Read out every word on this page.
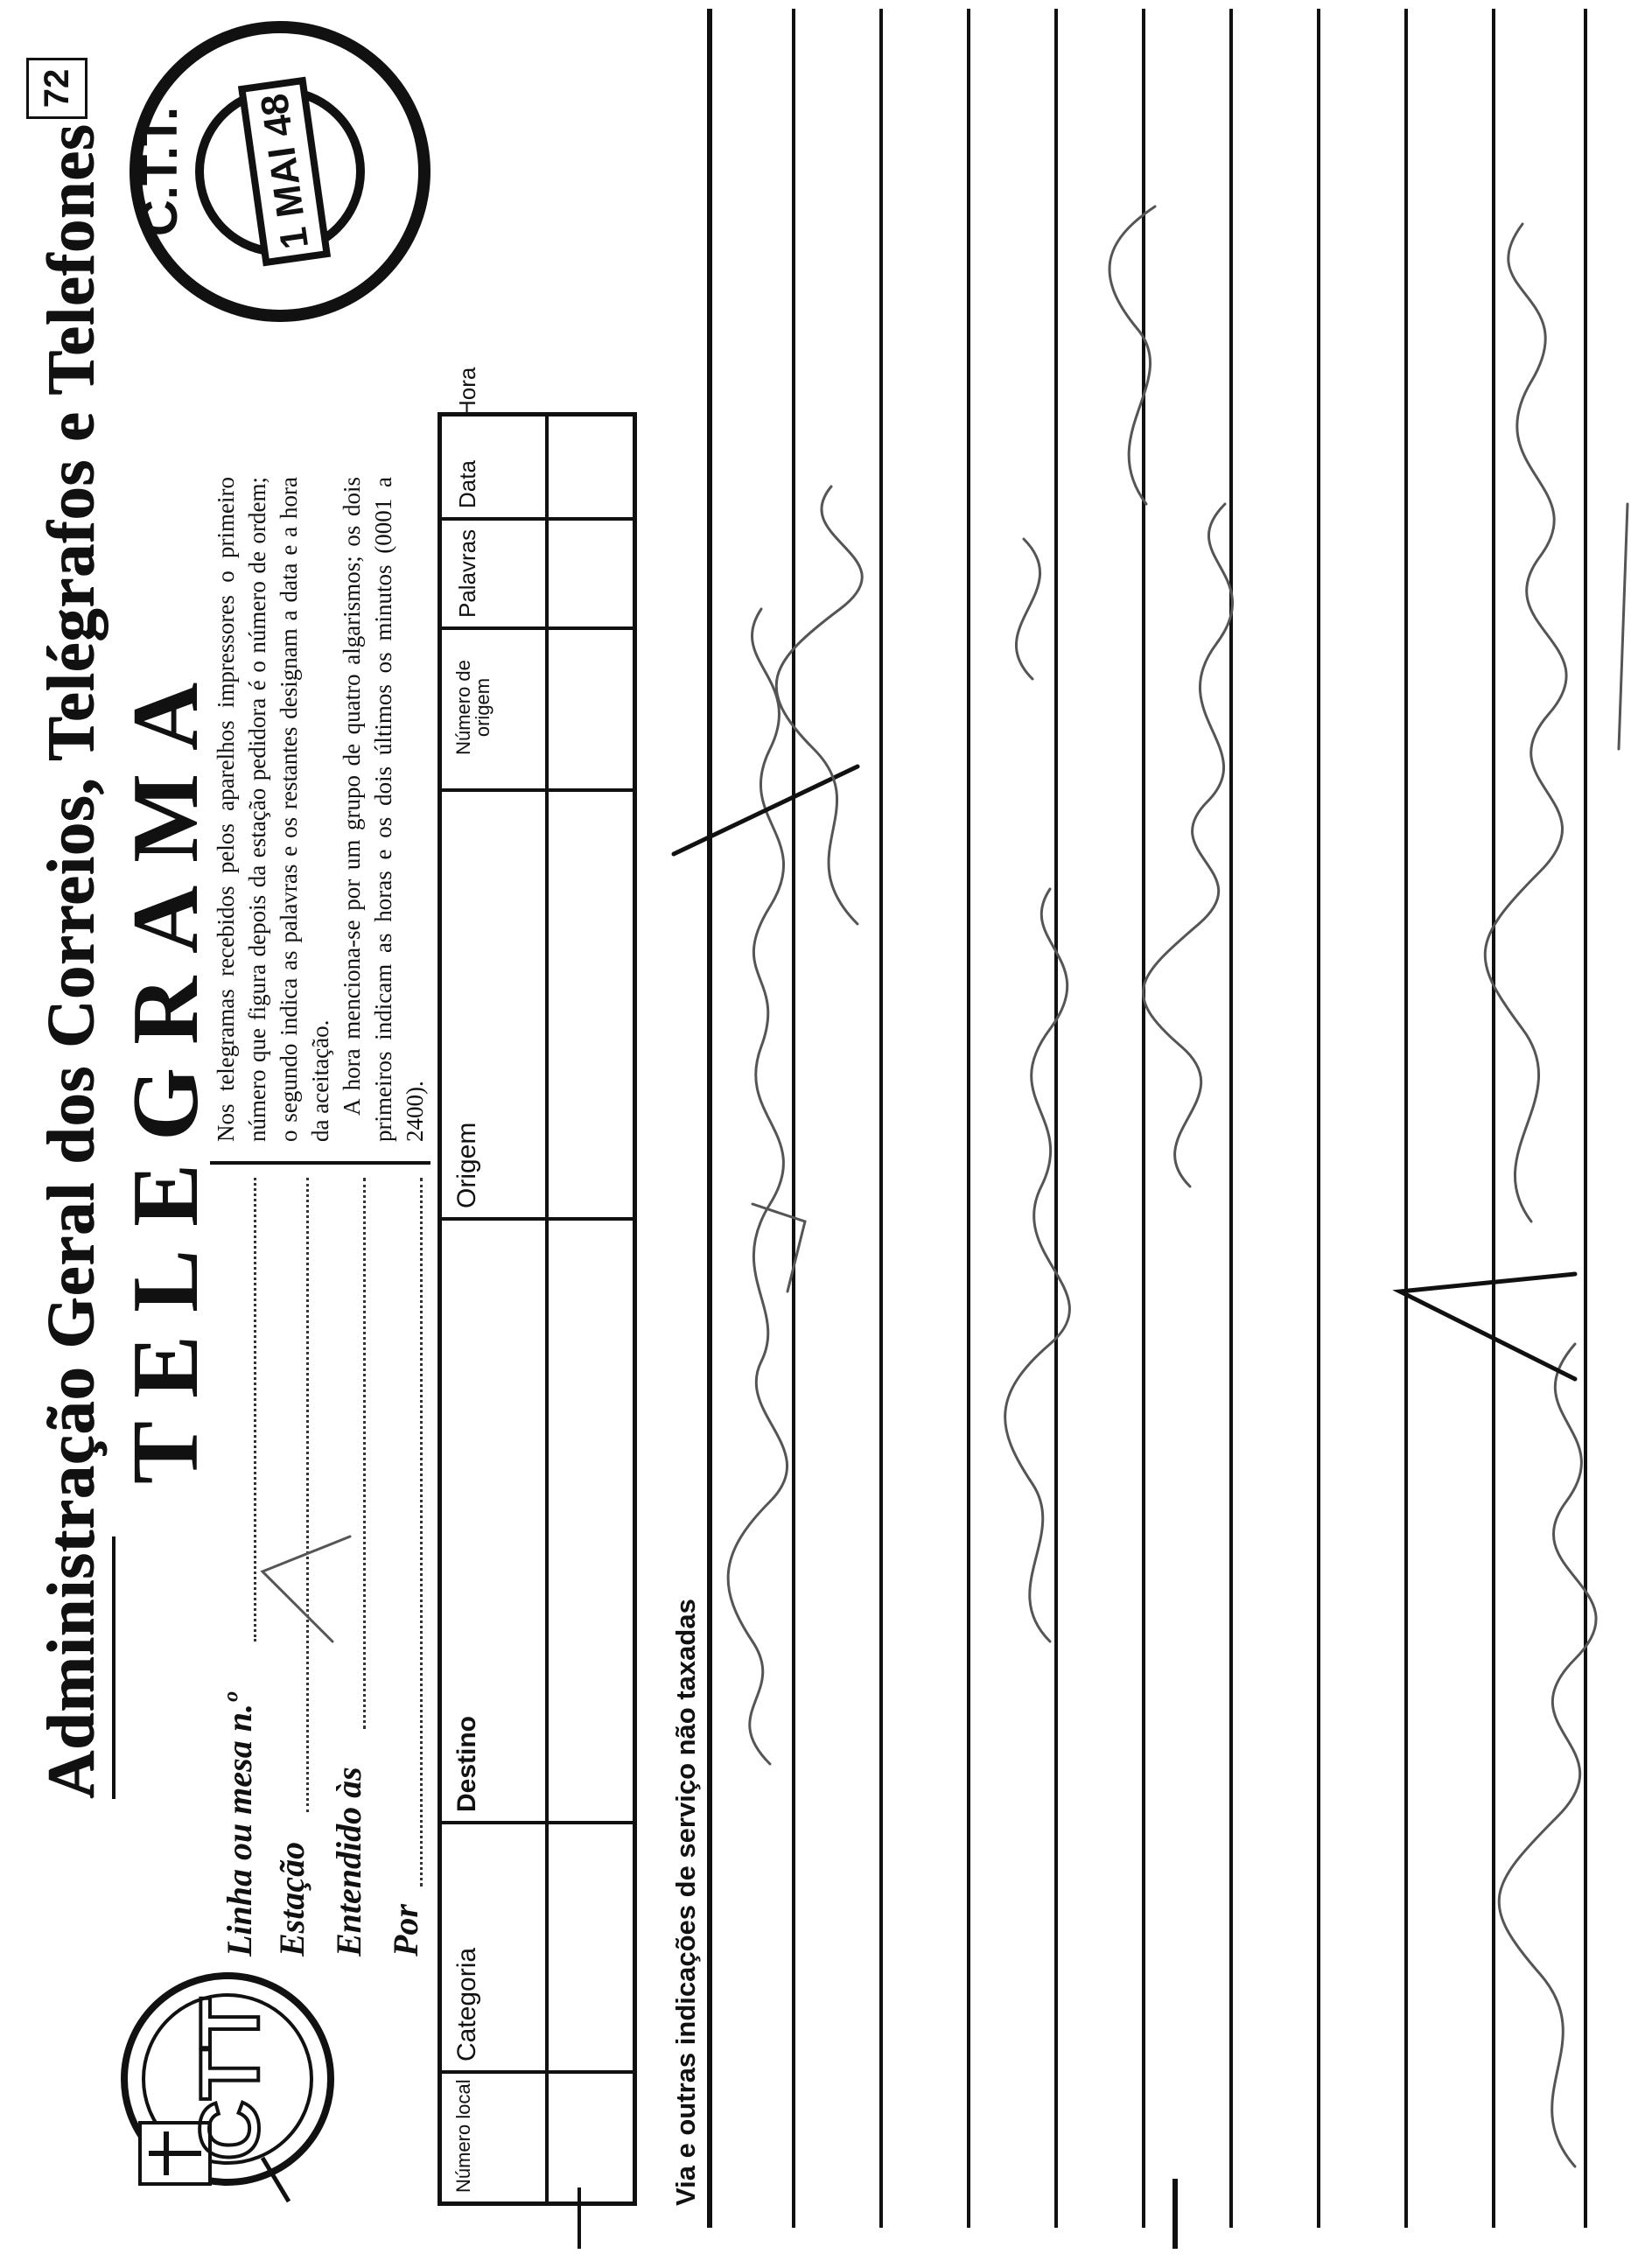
CTT
Administração Geral dos Correios, Telégrafos e Telefones TELEGRAMA
72
Linha ou mesa n.º Estação Entendido às Por

Nos telegramas recebidos pelos aparelhos impressores o primeiro número que figura depois da estação pedidora é o número de ordem; o segundo indica as palavras e os restantes designam a data e a hora da aceitação. A hora menciona-se por um grupo de quatro algarismos; os dois primeiros indicam as horas e os dois últimos os minutos (0001 a 2400).

Número local
Categoria
Destino
Origem
Número de origem
Palavras
Data
Hora
Via e outras indicações de serviço não taxadas
C.T.T. 1 MAI 48
